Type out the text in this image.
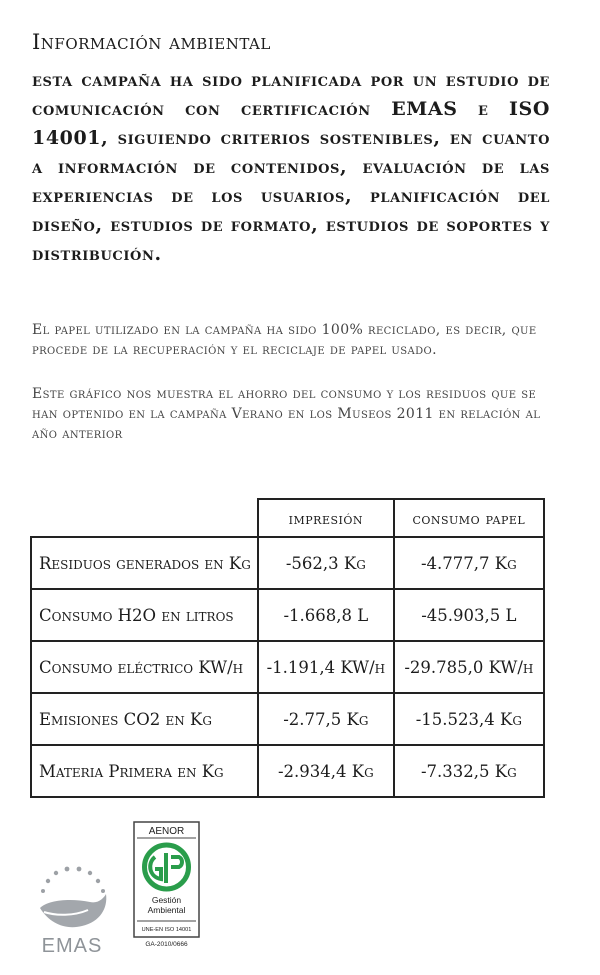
Información ambiental

esta campaña ha sido planificada por un estudio de comunicación con certificación EMAS e ISO 14001, siguiendo criterios sostenibles, en cuanto a información de contenidos, evaluación de las experiencias de los usuarios, planificación del diseño, estudios de formato, estudios de soportes y distribución.

El papel utilizado en la campaña ha sido 100% reciclado, es decir, que procede de la recuperación y el reciclaje de papel usado.

Este gráfico nos muestra el ahorro del consumo y los residuos que se han optenido en la campaña Verano en los Museos 2011 en relación al año anterior

	impresión	consumo papel
Residuos generados en Kg	-562,3 Kg	-4.777,7 Kg
Consumo H2O en litros	-1.668,8 L	-45.903,5 L
Consumo eléctrico KW/h	-1.191,4 KW/h	-29.785,0 KW/h
Emisiones CO2 en Kg	-2.77,5 Kg	-15.523,4 Kg
Materia Primera en Kg	-2.934,4 Kg	-7.332,5 Kg
EMAS
AENOR
Gestión
Ambiental
UNE-EN ISO 14001
GA-2010/0666
